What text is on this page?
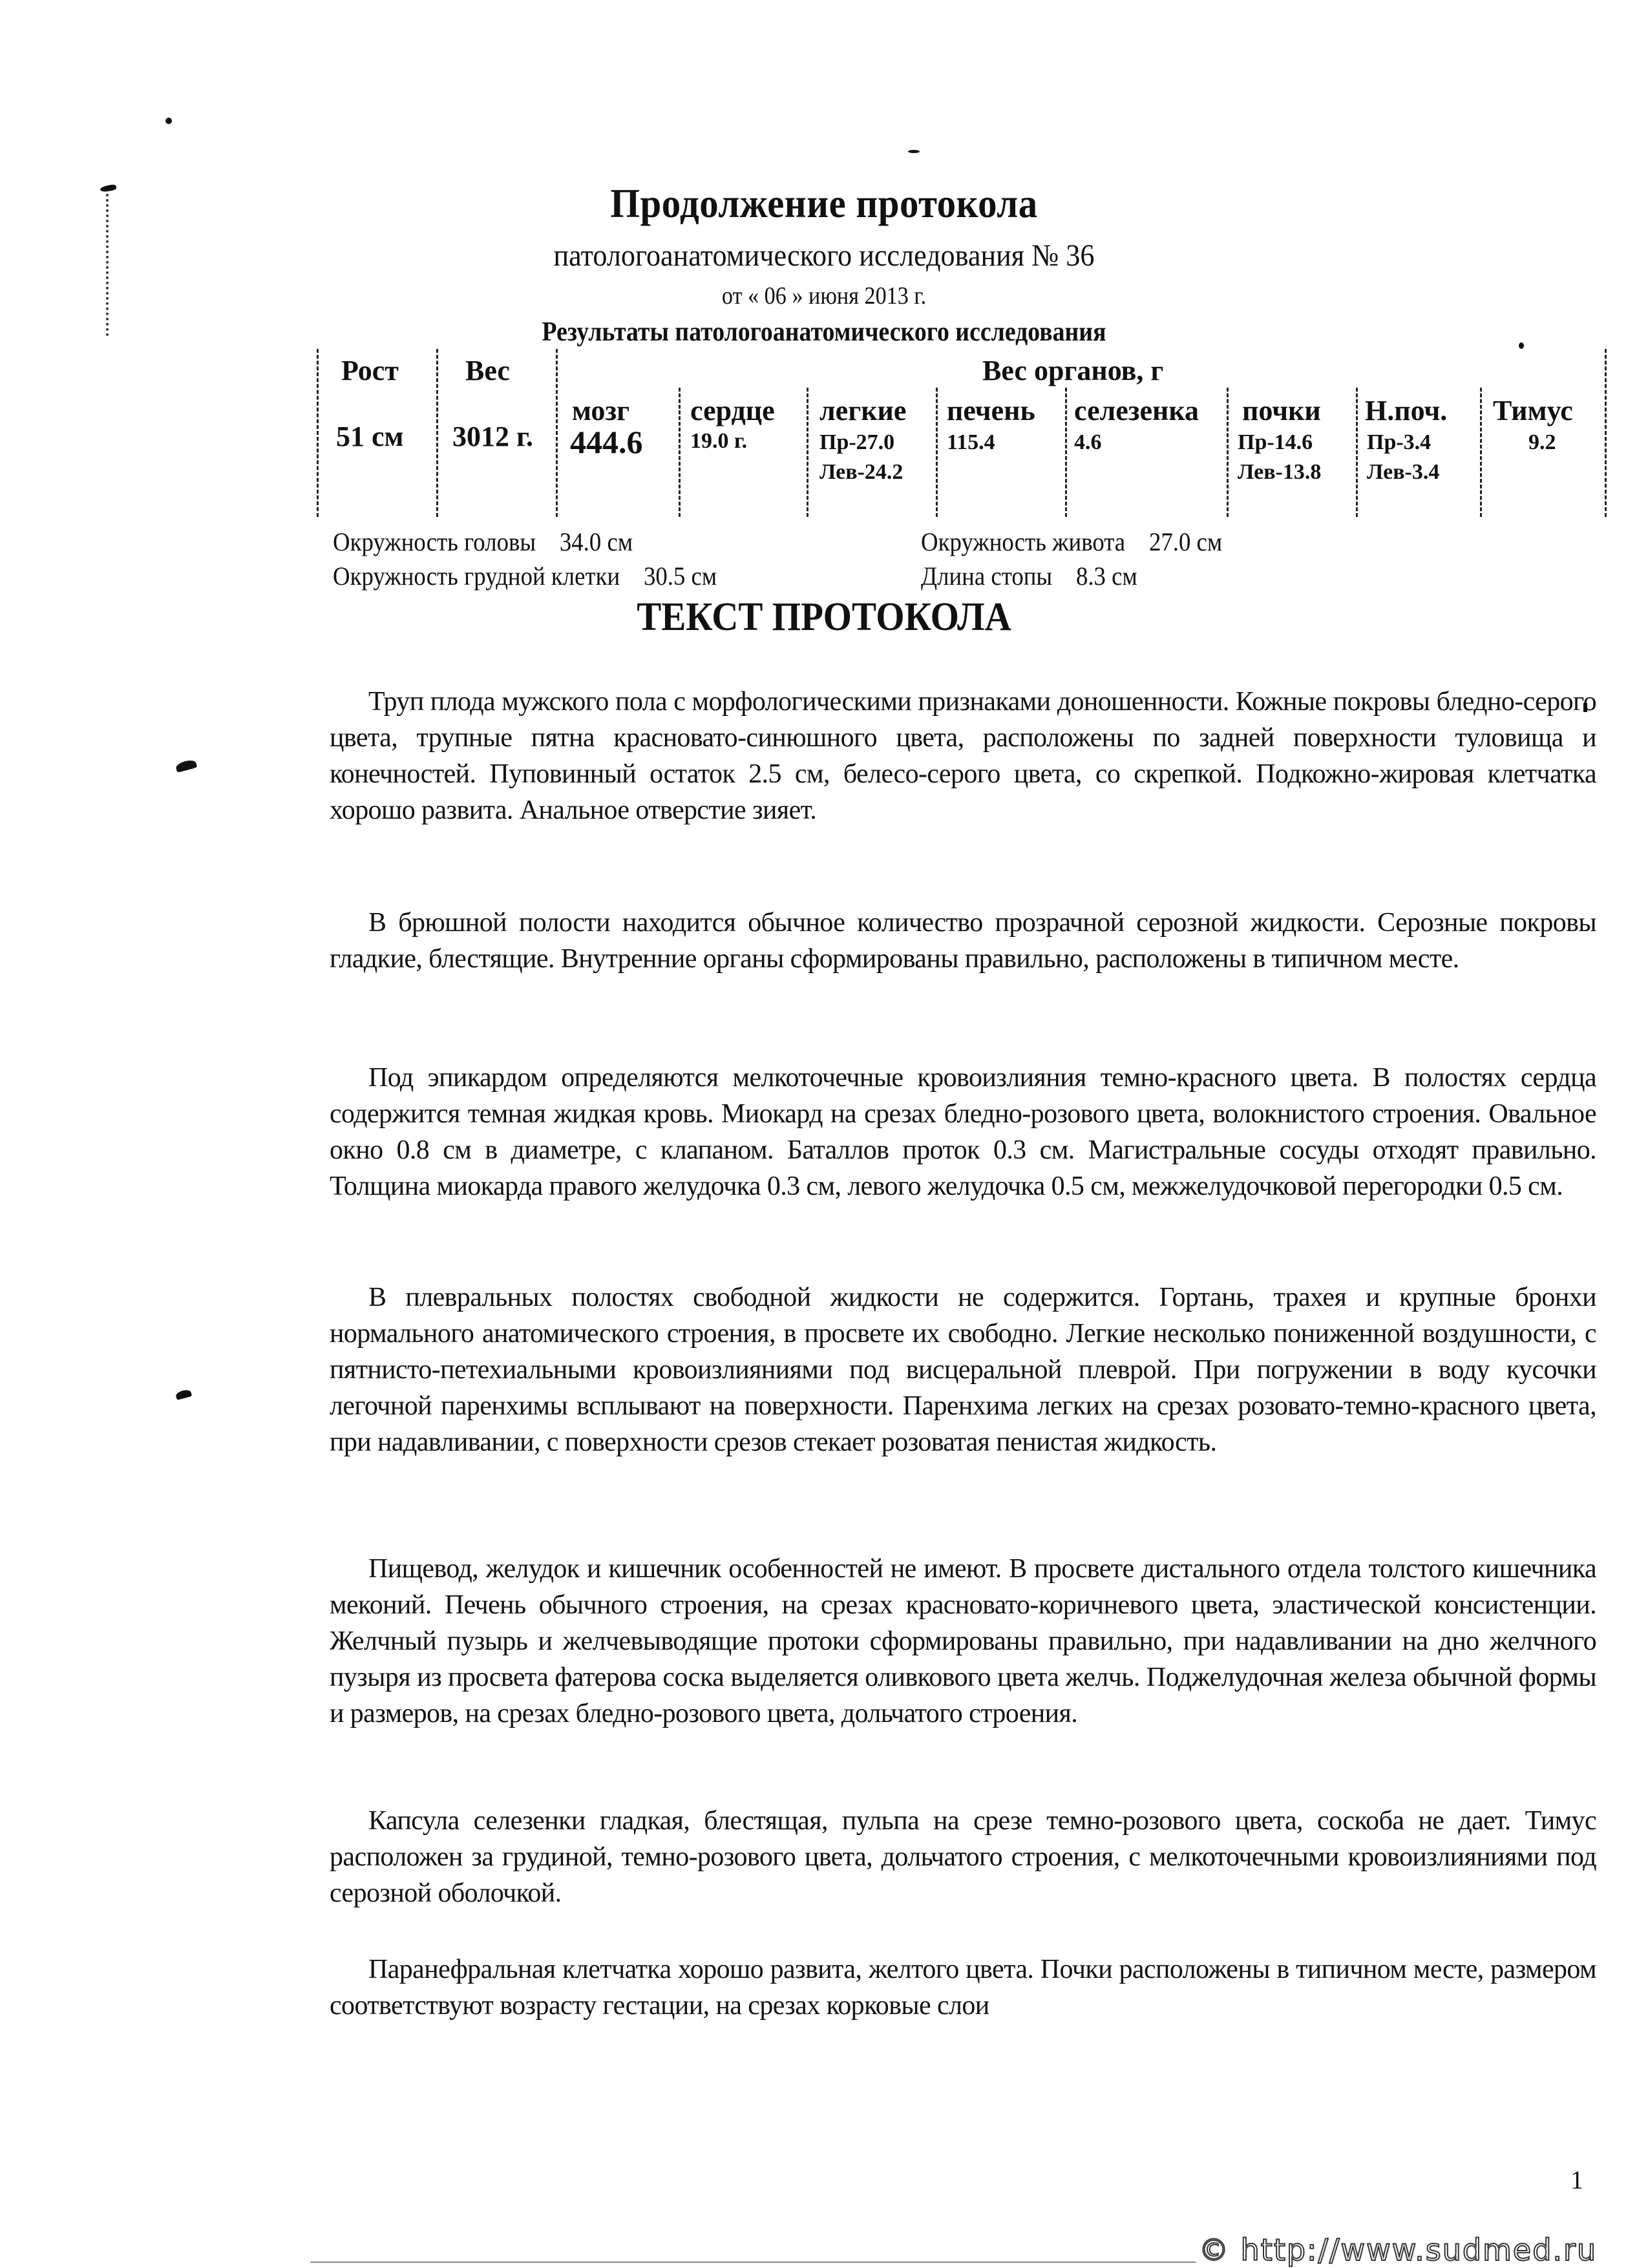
Продолжение протокола
патологоанатомического исследования № 36
от « 06 » июня 2013 г.
Результаты патологоанатомического исследования
Рост
51 см
Вес
3012 г.
Вес органов, г
мозг
444.6
сердце
19.0 г.
легкие
Пр-27.0
Лев-24.2
печень
115.4
селезенка
4.6
почки
Пр-14.6
Лев-13.8
Н.поч.
Пр-3.4
Лев-3.4
Тимус
9.2
Окружность головы 34.0 см
Окружность грудной клетки 30.5 см
Окружность живота 27.0 см
Длина стопы 8.3 см
ТЕКСТ ПРОТОКОЛА
Труп плода мужского пола с морфологическими признаками доношенности. Кожные покровы бледно-серого цвета, трупные пятна красновато-синюшного цвета, расположены по задней поверхности туловища и конечностей. Пуповинный остаток 2.5 см, белесо-серого цвета, со скрепкой. Подкожно-жировая клетчатка хорошо развита. Анальное отверстие зияет.
В брюшной полости находится обычное количество прозрачной серозной жидкости. Серозные покровы гладкие, блестящие. Внутренние органы сформированы правильно, расположены в типичном месте.
Под эпикардом определяются мелкоточечные кровоизлияния темно-красного цвета. В полостях сердца содержится темная жидкая кровь. Миокард на срезах бледно-розового цвета, волокнистого строения. Овальное окно 0.8 см в диаметре, с клапаном. Баталлов проток 0.3 см. Магистральные сосуды отходят правильно. Толщина миокарда правого желудочка 0.3 см, левого желудочка 0.5 см, межжелудочковой перегородки 0.5 см.
В плевральных полостях свободной жидкости не содержится. Гортань, трахея и крупные бронхи нормального анатомического строения, в просвете их свободно. Легкие несколько пониженной воздушности, с пятнисто-петехиальными кровоизлияниями под висцеральной плеврой. При погружении в воду кусочки легочной паренхимы всплывают на поверхности. Паренхима легких на срезах розовато-темно-красного цвета, при надавливании, с поверхности срезов стекает розоватая пенистая жидкость.
Пищевод, желудок и кишечник особенностей не имеют. В просвете дистального отдела толстого кишечника меконий. Печень обычного строения, на срезах красновато-коричневого цвета, эластической консистенции. Желчный пузырь и желчевыводящие протоки сформированы правильно, при надавливании на дно желчного пузыря из просвета фатерова соска выделяется оливкового цвета желчь. Поджелудочная железа обычной формы и размеров, на срезах бледно-розового цвета, дольчатого строения.
Капсула селезенки гладкая, блестящая, пульпа на срезе темно-розового цвета, соскоба не дает. Тимус расположен за грудиной, темно-розового цвета, дольчатого строения, с мелкоточечными кровоизлияниями под серозной оболочкой.
Паранефральная клетчатка хорошо развита, желтого цвета. Почки расположены в типичном месте, размером соответствуют возрасту гестации, на срезах корковые слои
1
© http://www.sudmed.ru
